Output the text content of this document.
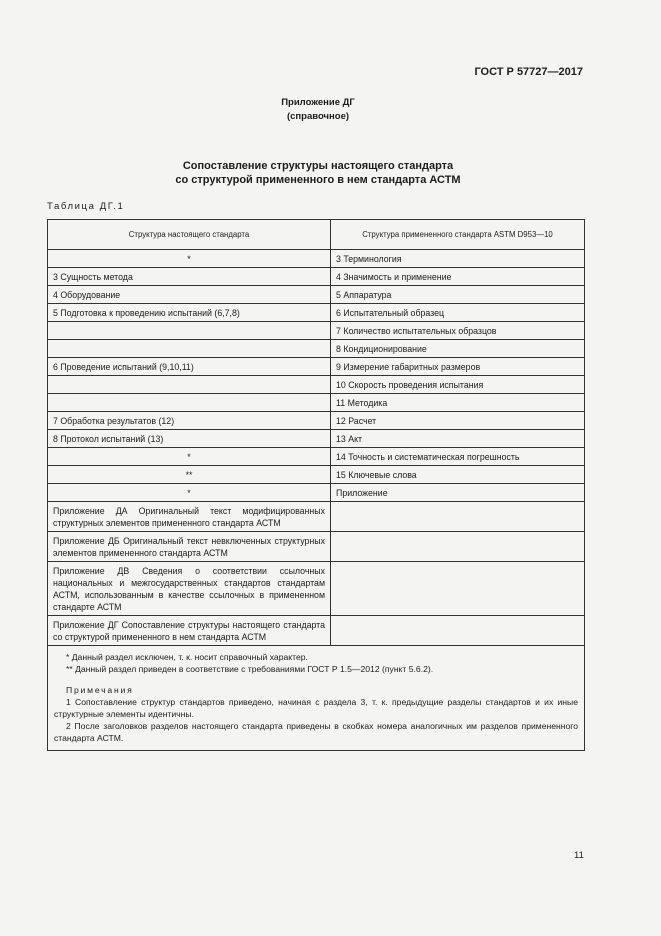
ГОСТ Р 57727—2017
Приложение ДГ
(справочное)
Сопоставление структуры настоящего стандарта
со структурой примененного в нем стандарта АСТМ
Таблица ДГ.1
Структура настоящего стандарта	Структура примененного стандарта ASTM D953—10
*	3 Терминология
3 Сущность метода	4 Значимость и применение
4 Оборудование	5 Аппаратура
5 Подготовка к проведению испытаний (6,7,8)	6 Испытательный образец
	7 Количество испытательных образцов
	8 Кондиционирование
6 Проведение испытаний (9,10,11)	9 Измерение габаритных размеров
	10 Скорость проведения испытания
	11 Методика
7 Обработка результатов (12)	12 Расчет
8 Протокол испытаний (13)	13 Акт
*	14 Точность и систематическая погрешность
**	15 Ключевые слова
*	Приложение
Приложение ДА Оригинальный текст модифицированных структурных элементов примененного стандарта АСТМ	
Приложение ДБ Оригинальный текст невключенных структурных элементов примененного стандарта АСТМ	
Приложение ДВ Сведения о соответствии ссылочных национальных и межгосударственных стандартов стандартам АСТМ, использованным в качестве ссылочных в примененном стандарте АСТМ	
Приложение ДГ Сопоставление структуры настоящего стандарта со структурой примененного в нем стандарта АСТМ	

* Данный раздел исключен, т. к. носит справочный характер.
** Данный раздел приведен в соответствие с требованиями ГОСТ Р 1.5—2012 (пункт 5.6.2).
Примечания
1 Сопоставление структур стандартов приведено, начиная с раздела 3, т. к. предыдущие разделы стандартов и их иные структурные элементы идентичны.
2 После заголовков разделов настоящего стандарта приведены в скобках номера аналогичных им разделов примененного стандарта АСТМ.	
11
